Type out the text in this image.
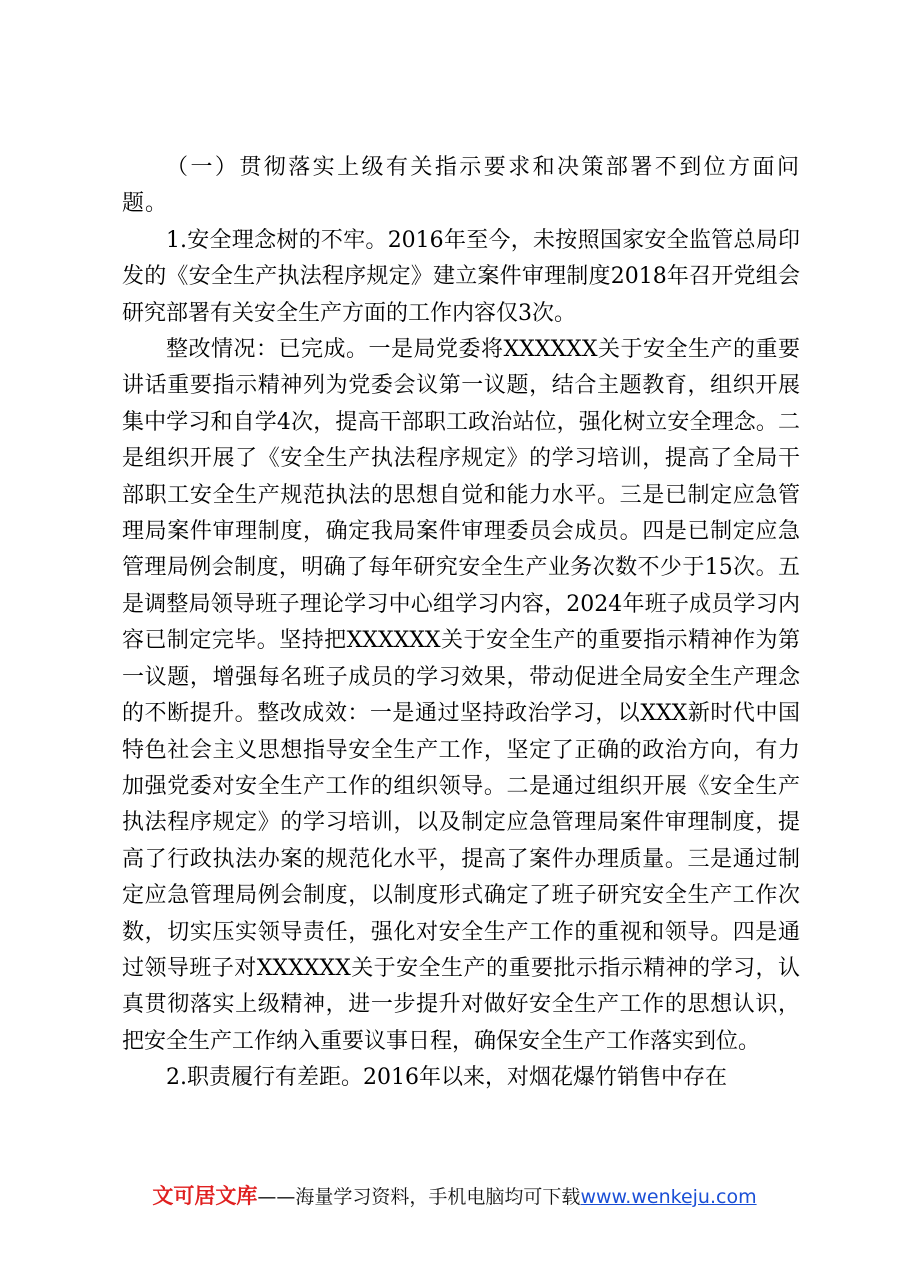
（一）贯彻落实上级有关指示要求和决策部署不到位方面问题。

1.安全理念树的不牢。2016年至今，未按照国家安全监管总局印发的《安全生产执法程序规定》建立案件审理制度2018年召开党组会研究部署有关安全生产方面的工作内容仅3次。

整改情况：已完成。一是局党委将XXXXXX关于安全生产的重要讲话重要指示精神列为党委会议第一议题，结合主题教育，组织开展集中学习和自学4次，提高干部职工政治站位，强化树立安全理念。二是组织开展了《安全生产执法程序规定》的学习培训，提高了全局干部职工安全生产规范执法的思想自觉和能力水平。三是已制定应急管理局案件审理制度，确定我局案件审理委员会成员。四是已制定应急管理局例会制度，明确了每年研究安全生产业务次数不少于15次。五是调整局领导班子理论学习中心组学习内容，2024年班子成员学习内容已制定完毕。坚持把XXXXXX关于安全生产的重要指示精神作为第一议题，增强每名班子成员的学习效果，带动促进全局安全生产理念的不断提升。整改成效：一是通过坚持政治学习，以XXX新时代中国特色社会主义思想指导安全生产工作，坚定了正确的政治方向，有力加强党委对安全生产工作的组织领导。二是通过组织开展《安全生产执法程序规定》的学习培训，以及制定应急管理局案件审理制度，提高了行政执法办案的规范化水平，提高了案件办理质量。三是通过制定应急管理局例会制度，以制度形式确定了班子研究安全生产工作次数，切实压实领导责任，强化对安全生产工作的重视和领导。四是通过领导班子对XXXXXX关于安全生产的重要批示指示精神的学习，认真贯彻落实上级精神，进一步提升对做好安全生产工作的思想认识，把安全生产工作纳入重要议事日程，确保安全生产工作落实到位。

2.职责履行有差距。2016年以来，对烟花爆竹销售中存在

文可居文库——海量学习资料，手机电脑均可下载www.wenkeju.com
